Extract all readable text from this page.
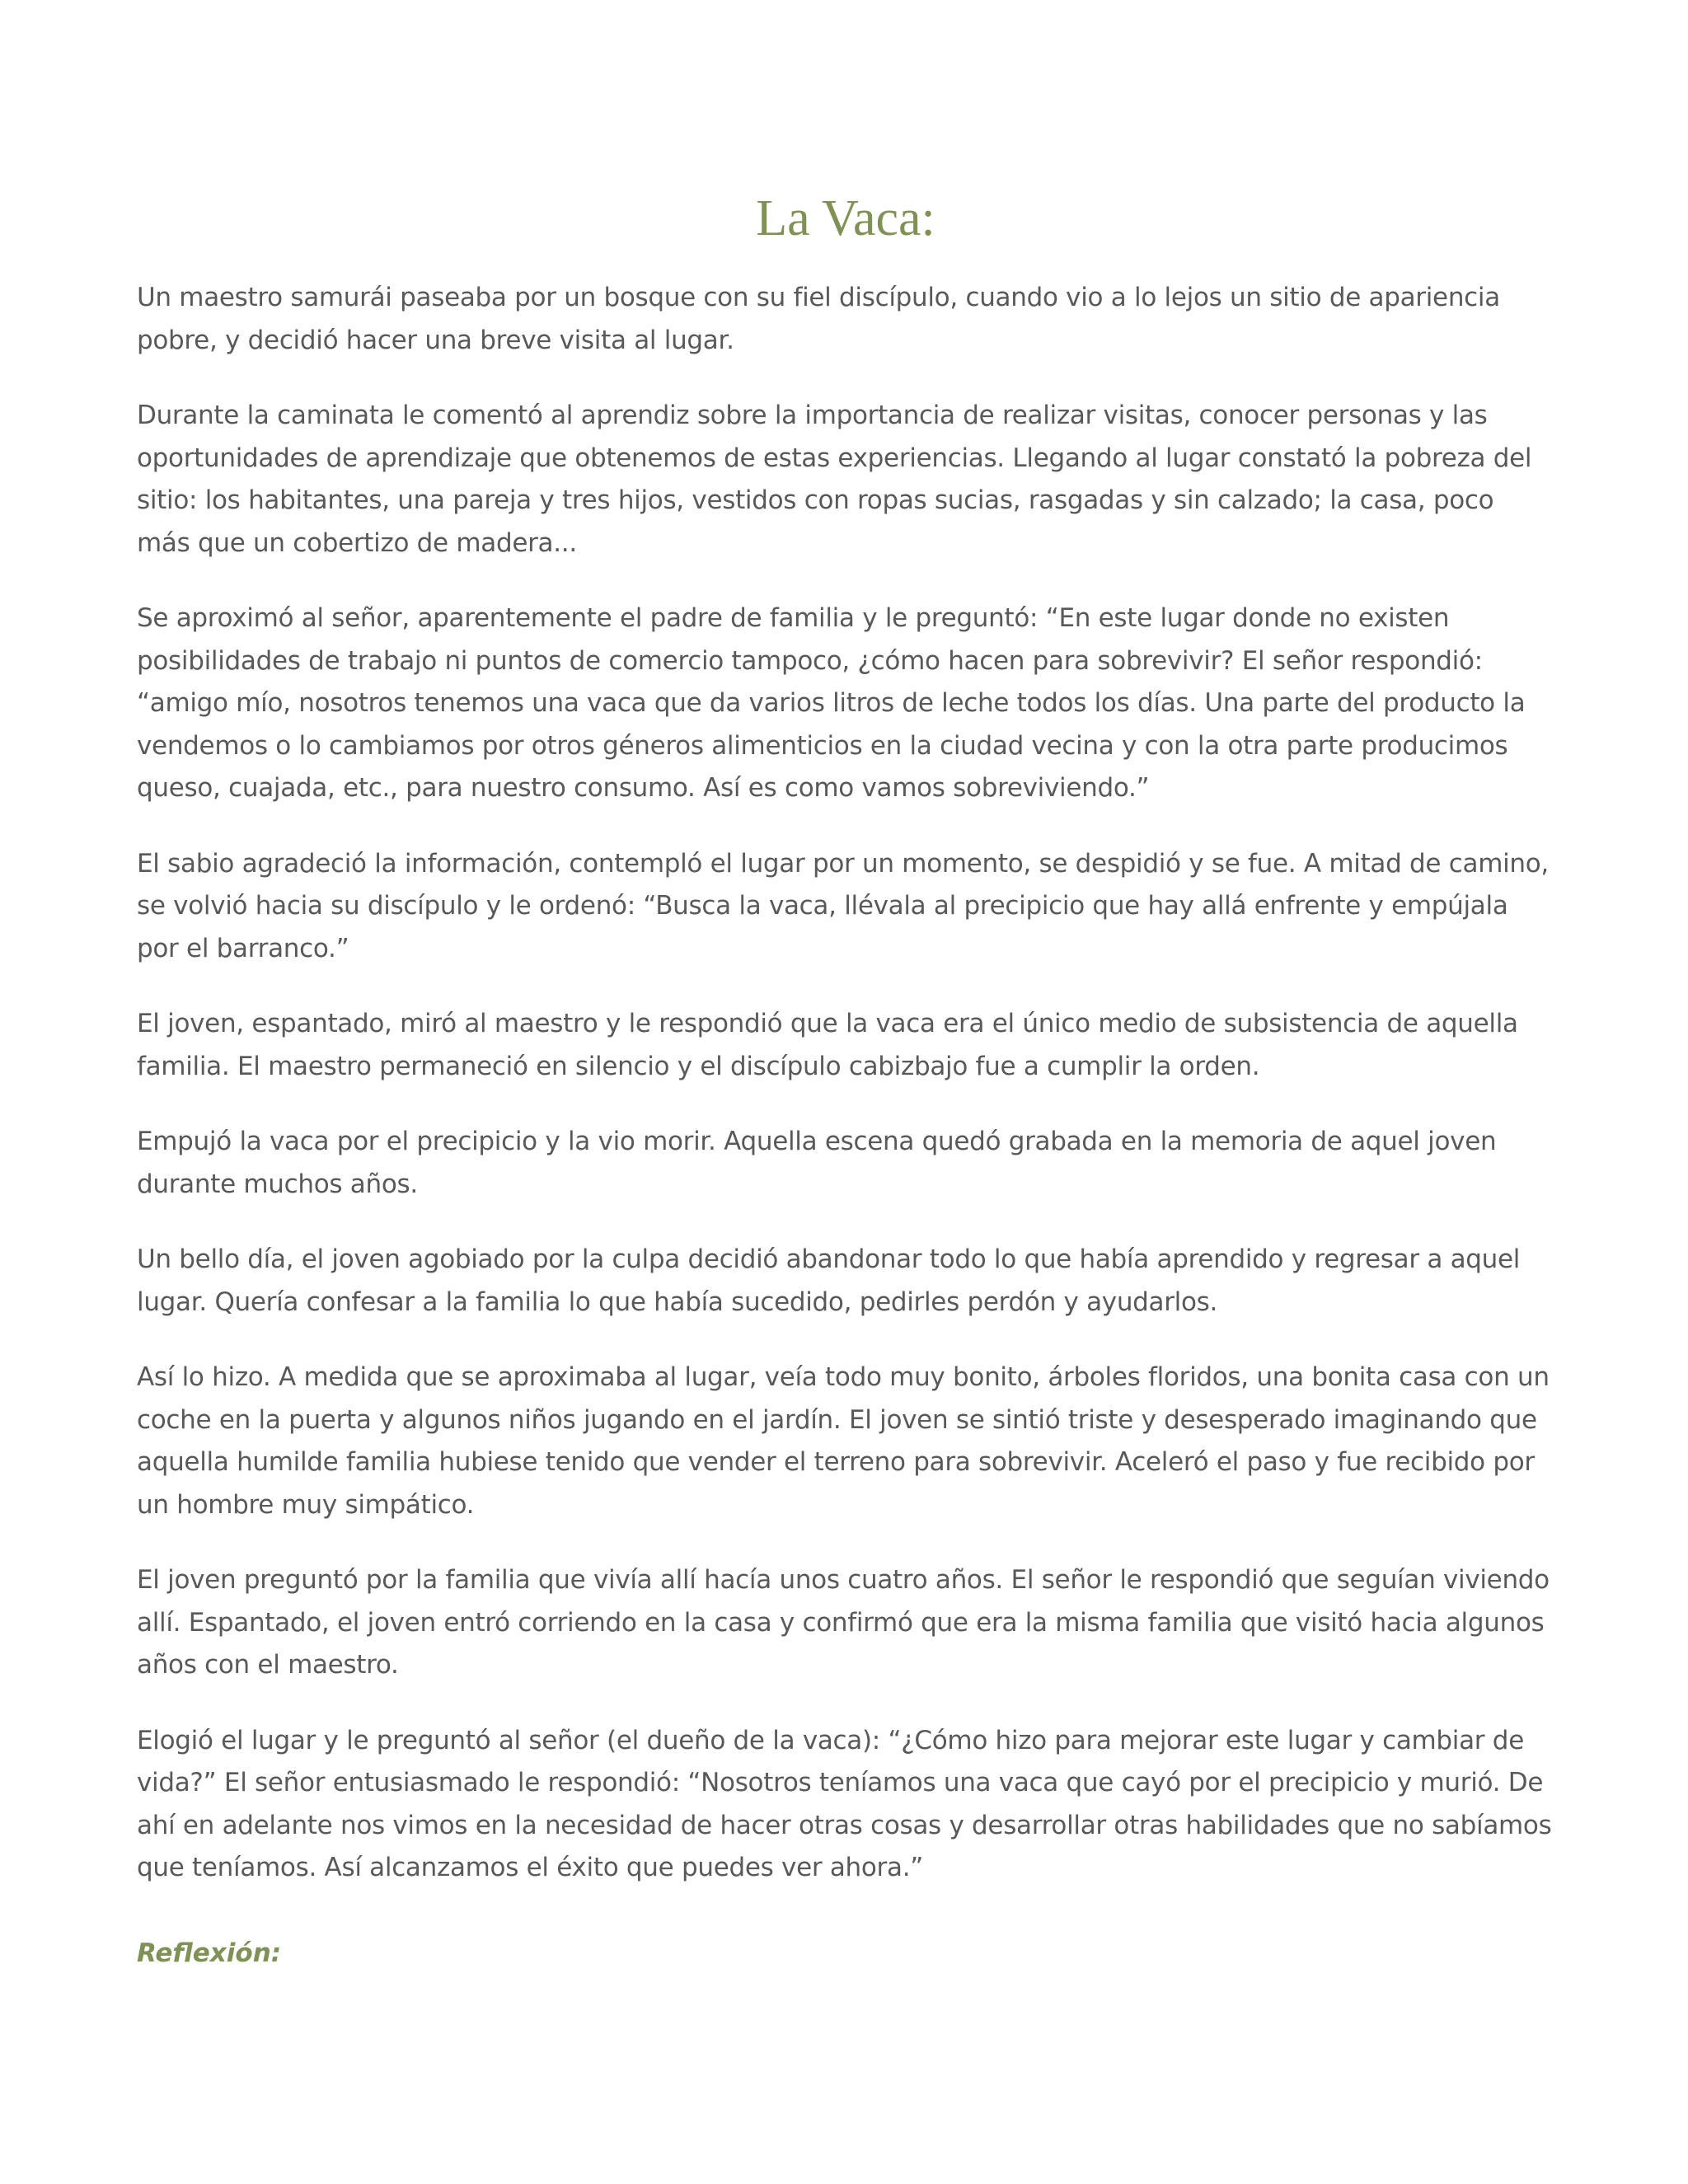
La Vaca:

Un maestro samurái paseaba por un bosque con su fiel discípulo, cuando vio a lo lejos un sitio de apariencia pobre, y decidió hacer una breve visita al lugar.

Durante la caminata le comentó al aprendiz sobre la importancia de realizar visitas, conocer personas y las oportunidades de aprendizaje que obtenemos de estas experiencias. Llegando al lugar constató la pobreza del sitio: los habitantes, una pareja y tres hijos, vestidos con ropas sucias, rasgadas y sin calzado; la casa, poco más que un cobertizo de madera...

Se aproximó al señor, aparentemente el padre de familia y le preguntó: “En este lugar donde no existen posibilidades de trabajo ni puntos de comercio tampoco, ¿cómo hacen para sobrevivir? El señor respondió: “amigo mío, nosotros tenemos una vaca que da varios litros de leche todos los días. Una parte del producto la vendemos o lo cambiamos por otros géneros alimenticios en la ciudad vecina y con la otra parte producimos queso, cuajada, etc., para nuestro consumo. Así es como vamos sobreviviendo.”

El sabio agradeció la información, contempló el lugar por un momento, se despidió y se fue. A mitad de camino, se volvió hacia su discípulo y le ordenó: “Busca la vaca, llévala al precipicio que hay allá enfrente y empújala por el barranco.”

El joven, espantado, miró al maestro y le respondió que la vaca era el único medio de subsistencia de aquella familia. El maestro permaneció en silencio y el discípulo cabizbajo fue a cumplir la orden.

Empujó la vaca por el precipicio y la vio morir. Aquella escena quedó grabada en la memoria de aquel joven durante muchos años.

Un bello día, el joven agobiado por la culpa decidió abandonar todo lo que había aprendido y regresar a aquel lugar. Quería confesar a la familia lo que había sucedido, pedirles perdón y ayudarlos.

Así lo hizo. A medida que se aproximaba al lugar, veía todo muy bonito, árboles floridos, una bonita casa con un coche en la puerta y algunos niños jugando en el jardín. El joven se sintió triste y desesperado imaginando que aquella humilde familia hubiese tenido que vender el terreno para sobrevivir. Aceleró el paso y fue recibido por un hombre muy simpático.

El joven preguntó por la familia que vivía allí hacía unos cuatro años. El señor le respondió que seguían viviendo allí. Espantado, el joven entró corriendo en la casa y confirmó que era la misma familia que visitó hacia algunos años con el maestro.

Elogió el lugar y le preguntó al señor (el dueño de la vaca): “¿Cómo hizo para mejorar este lugar y cambiar de vida?” El señor entusiasmado le respondió: “Nosotros teníamos una vaca que cayó por el precipicio y murió. De ahí en adelante nos vimos en la necesidad de hacer otras cosas y desarrollar otras habilidades que no sabíamos que teníamos. Así alcanzamos el éxito que puedes ver ahora.”

Reflexión:
